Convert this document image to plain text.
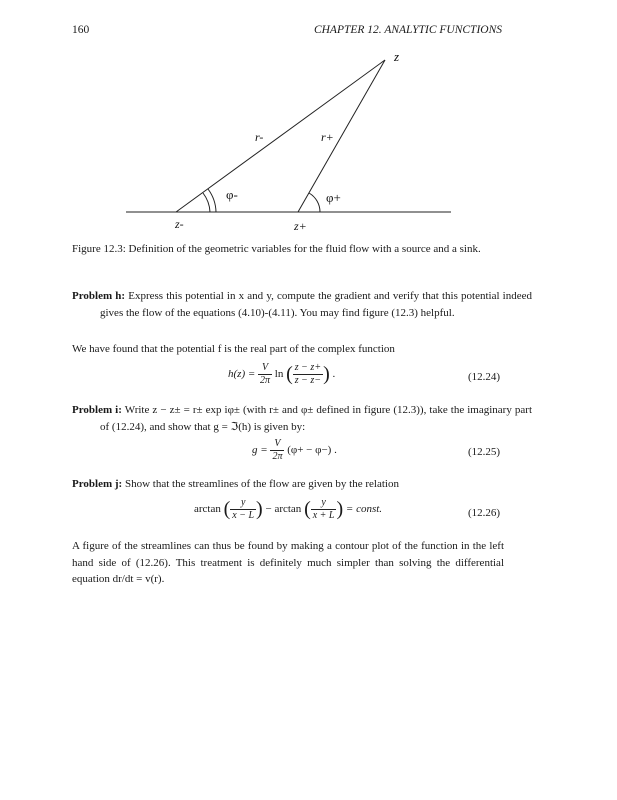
160	CHAPTER 12. ANALYTIC FUNCTIONS
z
r-	r+
φ-	φ+
z-	z+
Figure 12.3: Definition of the geometric variables for the fluid flow with a source and a sink.
Problem h: Express this potential in x and y, compute the gradient and verify that this potential indeed gives the flow of the equations (4.10)-(4.11). You may find figure (12.3) helpful.
We have found that the potential f is the real part of the complex function
$h(z) = \frac{V}{2\pi}$ ln ( $\frac{z - z+}{z - z-}$ ) .	(12.24)
Problem i: Write z − z± = r± exp iφ± (with r± and φ± defined in figure (12.3)), take the imaginary part of (12.24), and show that g = ℑ(h) is given by:
$g = \frac{V}{2\pi} (\varphi+ - \varphi-)$ .	(12.25)
Problem j: Show that the streamlines of the flow are given by the relation
arctan ( $\frac{y}{x - L}$ ) − arctan ( $\frac{y}{x + L}$ ) = const.	(12.26)
A figure of the streamlines can thus be found by making a contour plot of the function in the left hand side of (12.26). This treatment is definitely much simpler than solving the differential equation dr/dt = v(r).
